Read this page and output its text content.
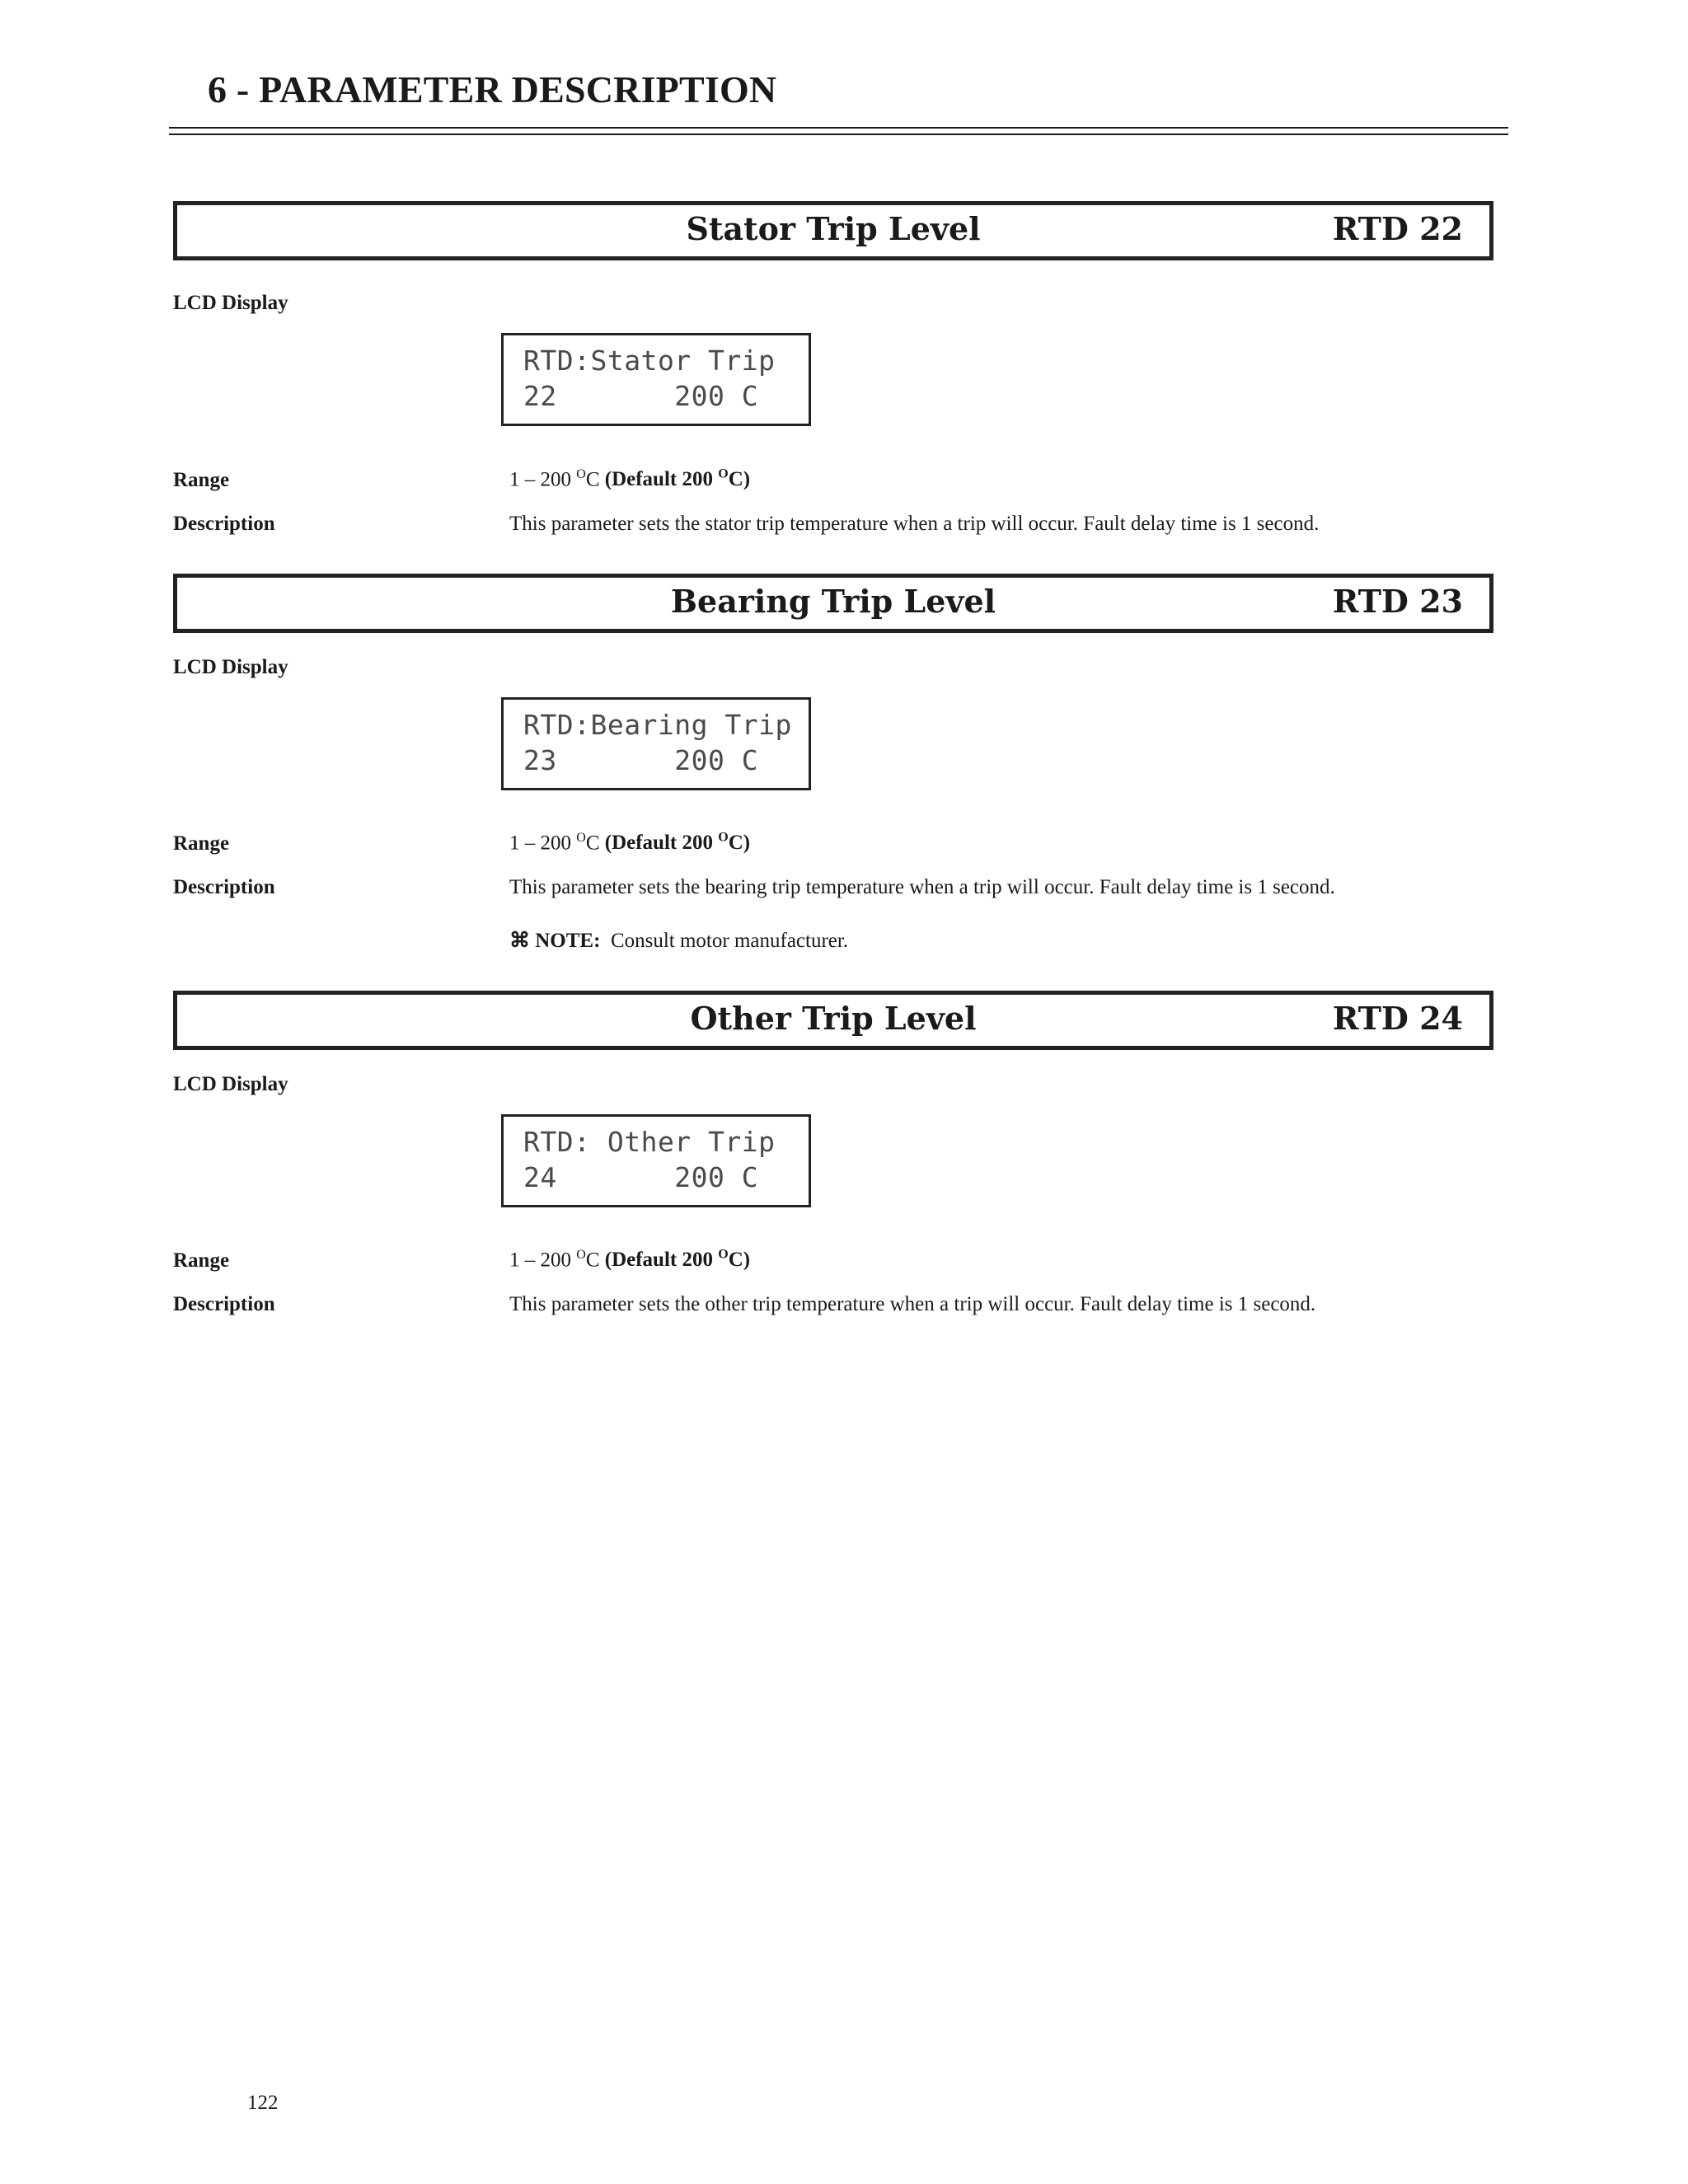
6 - PARAMETER DESCRIPTION
Stator Trip Level	RTD 22
LCD Display
RTD:Stator Trip
22       200 C
Range	1 – 200 $^O$C (Default 200 $^O$C)
Description	This parameter sets the stator trip temperature when a trip will occur. Fault delay time is 1 second.
Bearing Trip Level	RTD 23
LCD Display
RTD:Bearing Trip
23       200 C
Range	1 – 200 $^O$C (Default 200 $^O$C)
Description	This parameter sets the bearing trip temperature when a trip will occur. Fault delay time is 1 second.
⌘ NOTE: Consult motor manufacturer.
Other Trip Level	RTD 24
LCD Display
RTD: Other Trip
24       200 C
Range	1 – 200 $^O$C (Default 200 $^O$C)
Description	This parameter sets the other trip temperature when a trip will occur. Fault delay time is 1 second.
122
